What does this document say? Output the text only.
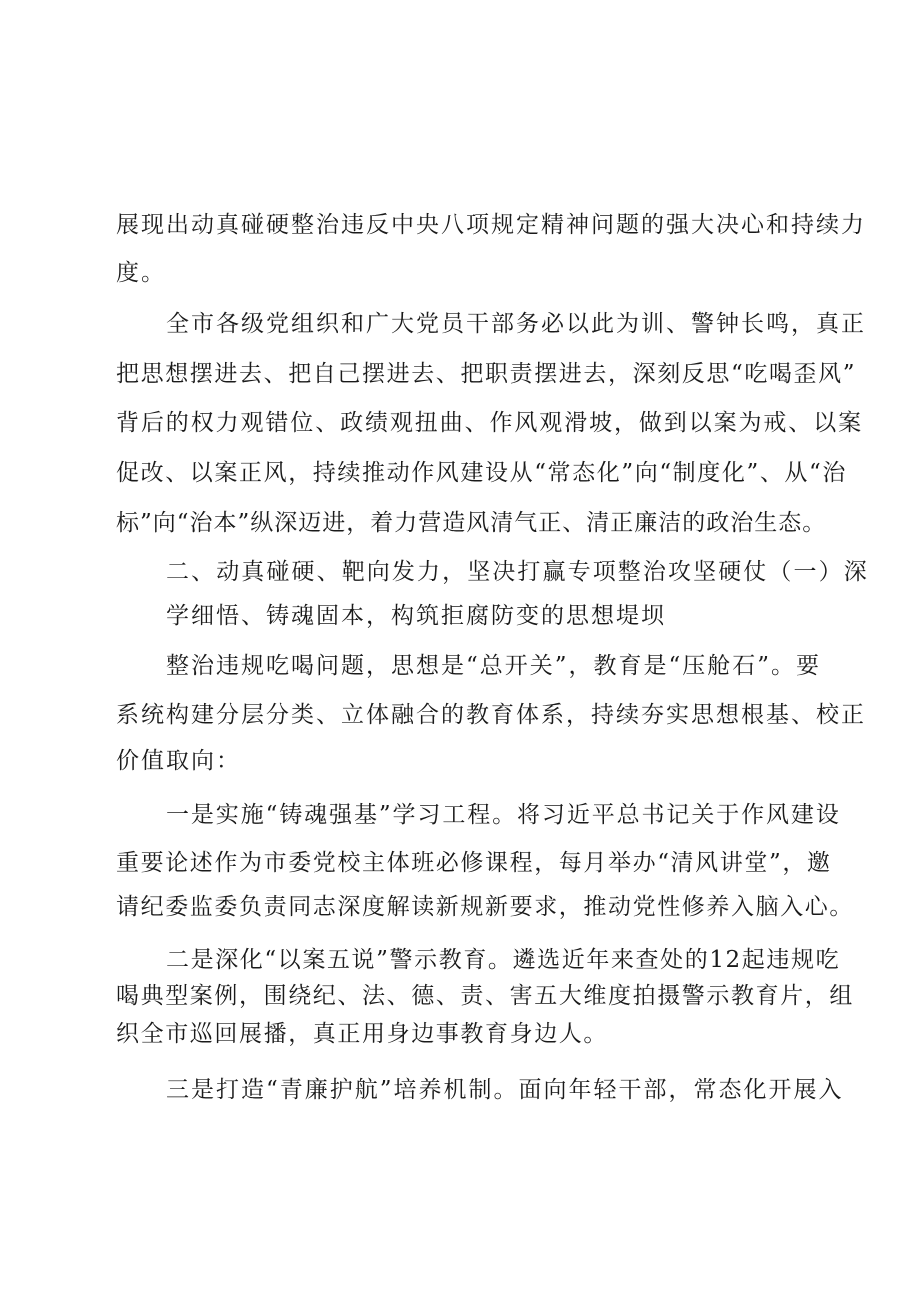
展现出动真碰硬整治违反中央八项规定精神问题的强大决心和持续力
度。
全市各级党组织和广大党员干部务必以此为训、警钟长鸣，真正
把思想摆进去、把自己摆进去、把职责摆进去，深刻反思“吃喝歪风”
背后的权力观错位、政绩观扭曲、作风观滑坡，做到以案为戒、以案
促改、以案正风，持续推动作风建设从“常态化”向“制度化”、从“治
标”向“治本”纵深迈进，着力营造风清气正、清正廉洁的政治生态。
二、动真碰硬、靶向发力，坚决打赢专项整治攻坚硬仗（一）深
学细悟、铸魂固本，构筑拒腐防变的思想堤坝
整治违规吃喝问题，思想是“总开关”，教育是“压舱石”。要
系统构建分层分类、立体融合的教育体系，持续夯实思想根基、校正
价值取向：
一是实施“铸魂强基”学习工程。将习近平总书记关于作风建设
重要论述作为市委党校主体班必修课程，每月举办“清风讲堂”，邀
请纪委监委负责同志深度解读新规新要求，推动党性修养入脑入心。
二是深化“以案五说”警示教育。遴选近年来查处的12起违规吃
喝典型案例，围绕纪、法、德、责、害五大维度拍摄警示教育片，组
织全市巡回展播，真正用身边事教育身边人。
三是打造“青廉护航”培养机制。面向年轻干部，常态化开展入
